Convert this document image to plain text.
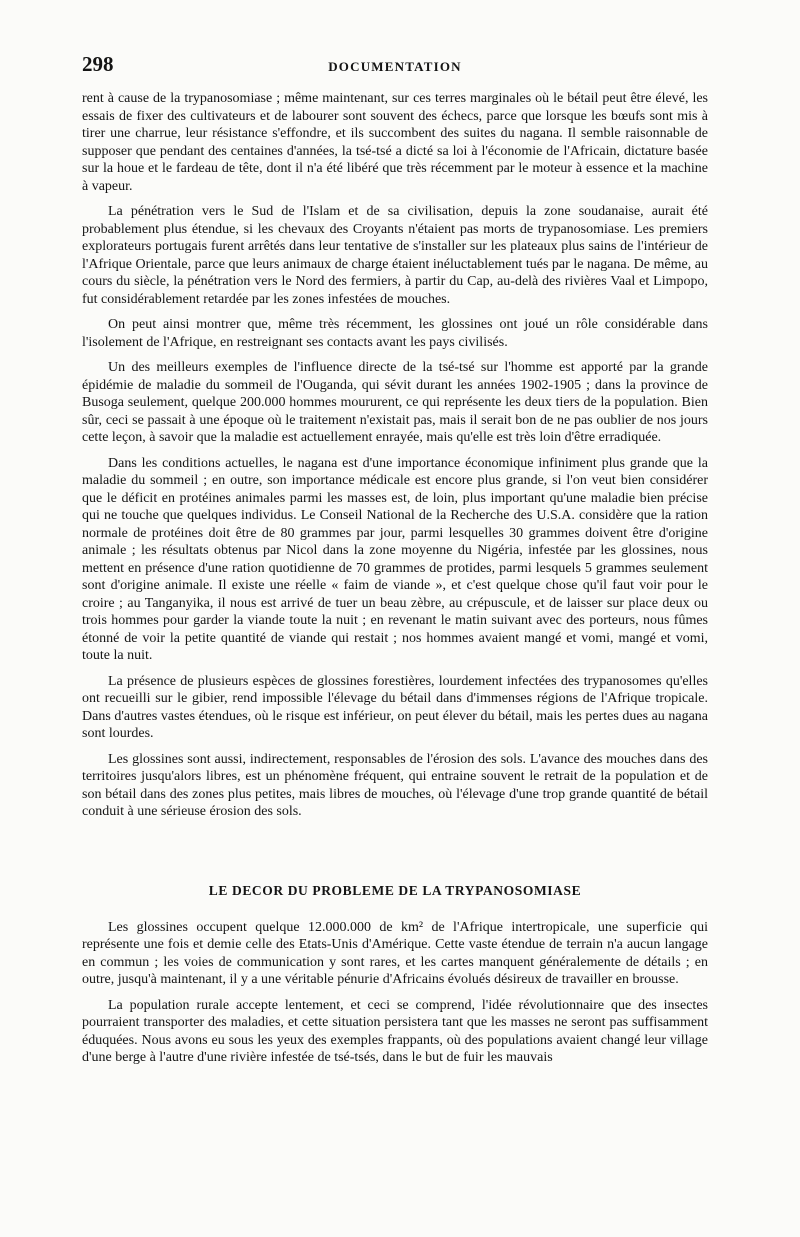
298	DOCUMENTATION

rent à cause de la trypanosomiase ; même maintenant, sur ces terres marginales où le bétail peut être élevé, les essais de fixer des cultivateurs et de labourer sont souvent des échecs, parce que lorsque les bœufs sont mis à tirer une charrue, leur résistance s'effondre, et ils succombent des suites du nagana. Il semble raisonnable de supposer que pendant des centaines d'années, la tsé-tsé a dicté sa loi à l'économie de l'Africain, dictature basée sur la houe et le fardeau de tête, dont il n'a été libéré que très récemment par le moteur à essence et la machine à vapeur.

La pénétration vers le Sud de l'Islam et de sa civilisation, depuis la zone soudanaise, aurait été probablement plus étendue, si les chevaux des Croyants n'étaient pas morts de trypanosomiase. Les premiers explorateurs portugais furent arrêtés dans leur tentative de s'installer sur les plateaux plus sains de l'intérieur de l'Afrique Orientale, parce que leurs animaux de charge étaient inéluctablement tués par le nagana. De même, au cours du siècle, la pénétration vers le Nord des fermiers, à partir du Cap, au-delà des rivières Vaal et Limpopo, fut considérablement retardée par les zones infestées de mouches.

On peut ainsi montrer que, même très récemment, les glossines ont joué un rôle considérable dans l'isolement de l'Afrique, en restreignant ses contacts avant les pays civilisés.

Un des meilleurs exemples de l'influence directe de la tsé-tsé sur l'homme est apporté par la grande épidémie de maladie du sommeil de l'Ouganda, qui sévit durant les années 1902-1905 ; dans la province de Busoga seulement, quelque 200.000 hommes moururent, ce qui représente les deux tiers de la population. Bien sûr, ceci se passait à une époque où le traitement n'existait pas, mais il serait bon de ne pas oublier de nos jours cette leçon, à savoir que la maladie est actuellement enrayée, mais qu'elle est très loin d'être erradiquée.

Dans les conditions actuelles, le nagana est d'une importance économique infiniment plus grande que la maladie du sommeil ; en outre, son importance médicale est encore plus grande, si l'on veut bien considérer que le déficit en protéines animales parmi les masses est, de loin, plus important qu'une maladie bien précise qui ne touche que quelques individus. Le Conseil National de la Recherche des U.S.A. considère que la ration normale de protéines doit être de 80 grammes par jour, parmi lesquelles 30 grammes doivent être d'origine animale ; les résultats obtenus par Nicol dans la zone moyenne du Nigéria, infestée par les glossines, nous mettent en présence d'une ration quotidienne de 70 grammes de protides, parmi lesquels 5 grammes seulement sont d'origine animale. Il existe une réelle « faim de viande », et c'est quelque chose qu'il faut voir pour le croire ; au Tanganyika, il nous est arrivé de tuer un beau zèbre, au crépuscule, et de laisser sur place deux ou trois hommes pour garder la viande toute la nuit ; en revenant le matin suivant avec des porteurs, nous fûmes étonné de voir la petite quantité de viande qui restait ; nos hommes avaient mangé et vomi, mangé et vomi, toute la nuit.

La présence de plusieurs espèces de glossines forestières, lourdement infectées des trypanosomes qu'elles ont recueilli sur le gibier, rend impossible l'élevage du bétail dans d'immenses régions de l'Afrique tropicale. Dans d'autres vastes étendues, où le risque est inférieur, on peut élever du bétail, mais les pertes dues au nagana sont lourdes.

Les glossines sont aussi, indirectement, responsables de l'érosion des sols. L'avance des mouches dans des territoires jusqu'alors libres, est un phénomène fréquent, qui entraine souvent le retrait de la population et de son bétail dans des zones plus petites, mais libres de mouches, où l'élevage d'une trop grande quantité de bétail conduit à une sérieuse érosion des sols.

LE DECOR DU PROBLEME DE LA TRYPANOSOMIASE

Les glossines occupent quelque 12.000.000 de km² de l'Afrique intertropicale, une superficie qui représente une fois et demie celle des Etats-Unis d'Amérique. Cette vaste étendue de terrain n'a aucun langage en commun ; les voies de communication y sont rares, et les cartes manquent généralemente de détails ; en outre, jusqu'à maintenant, il y a une véritable pénurie d'Africains évolués désireux de travailler en brousse.

La population rurale accepte lentement, et ceci se comprend, l'idée révolutionnaire que des insectes pourraient transporter des maladies, et cette situation persistera tant que les masses ne seront pas suffisamment éduquées. Nous avons eu sous les yeux des exemples frappants, où des populations avaient changé leur village d'une berge à l'autre d'une rivière infestée de tsé-tsés, dans le but de fuir les mauvais
